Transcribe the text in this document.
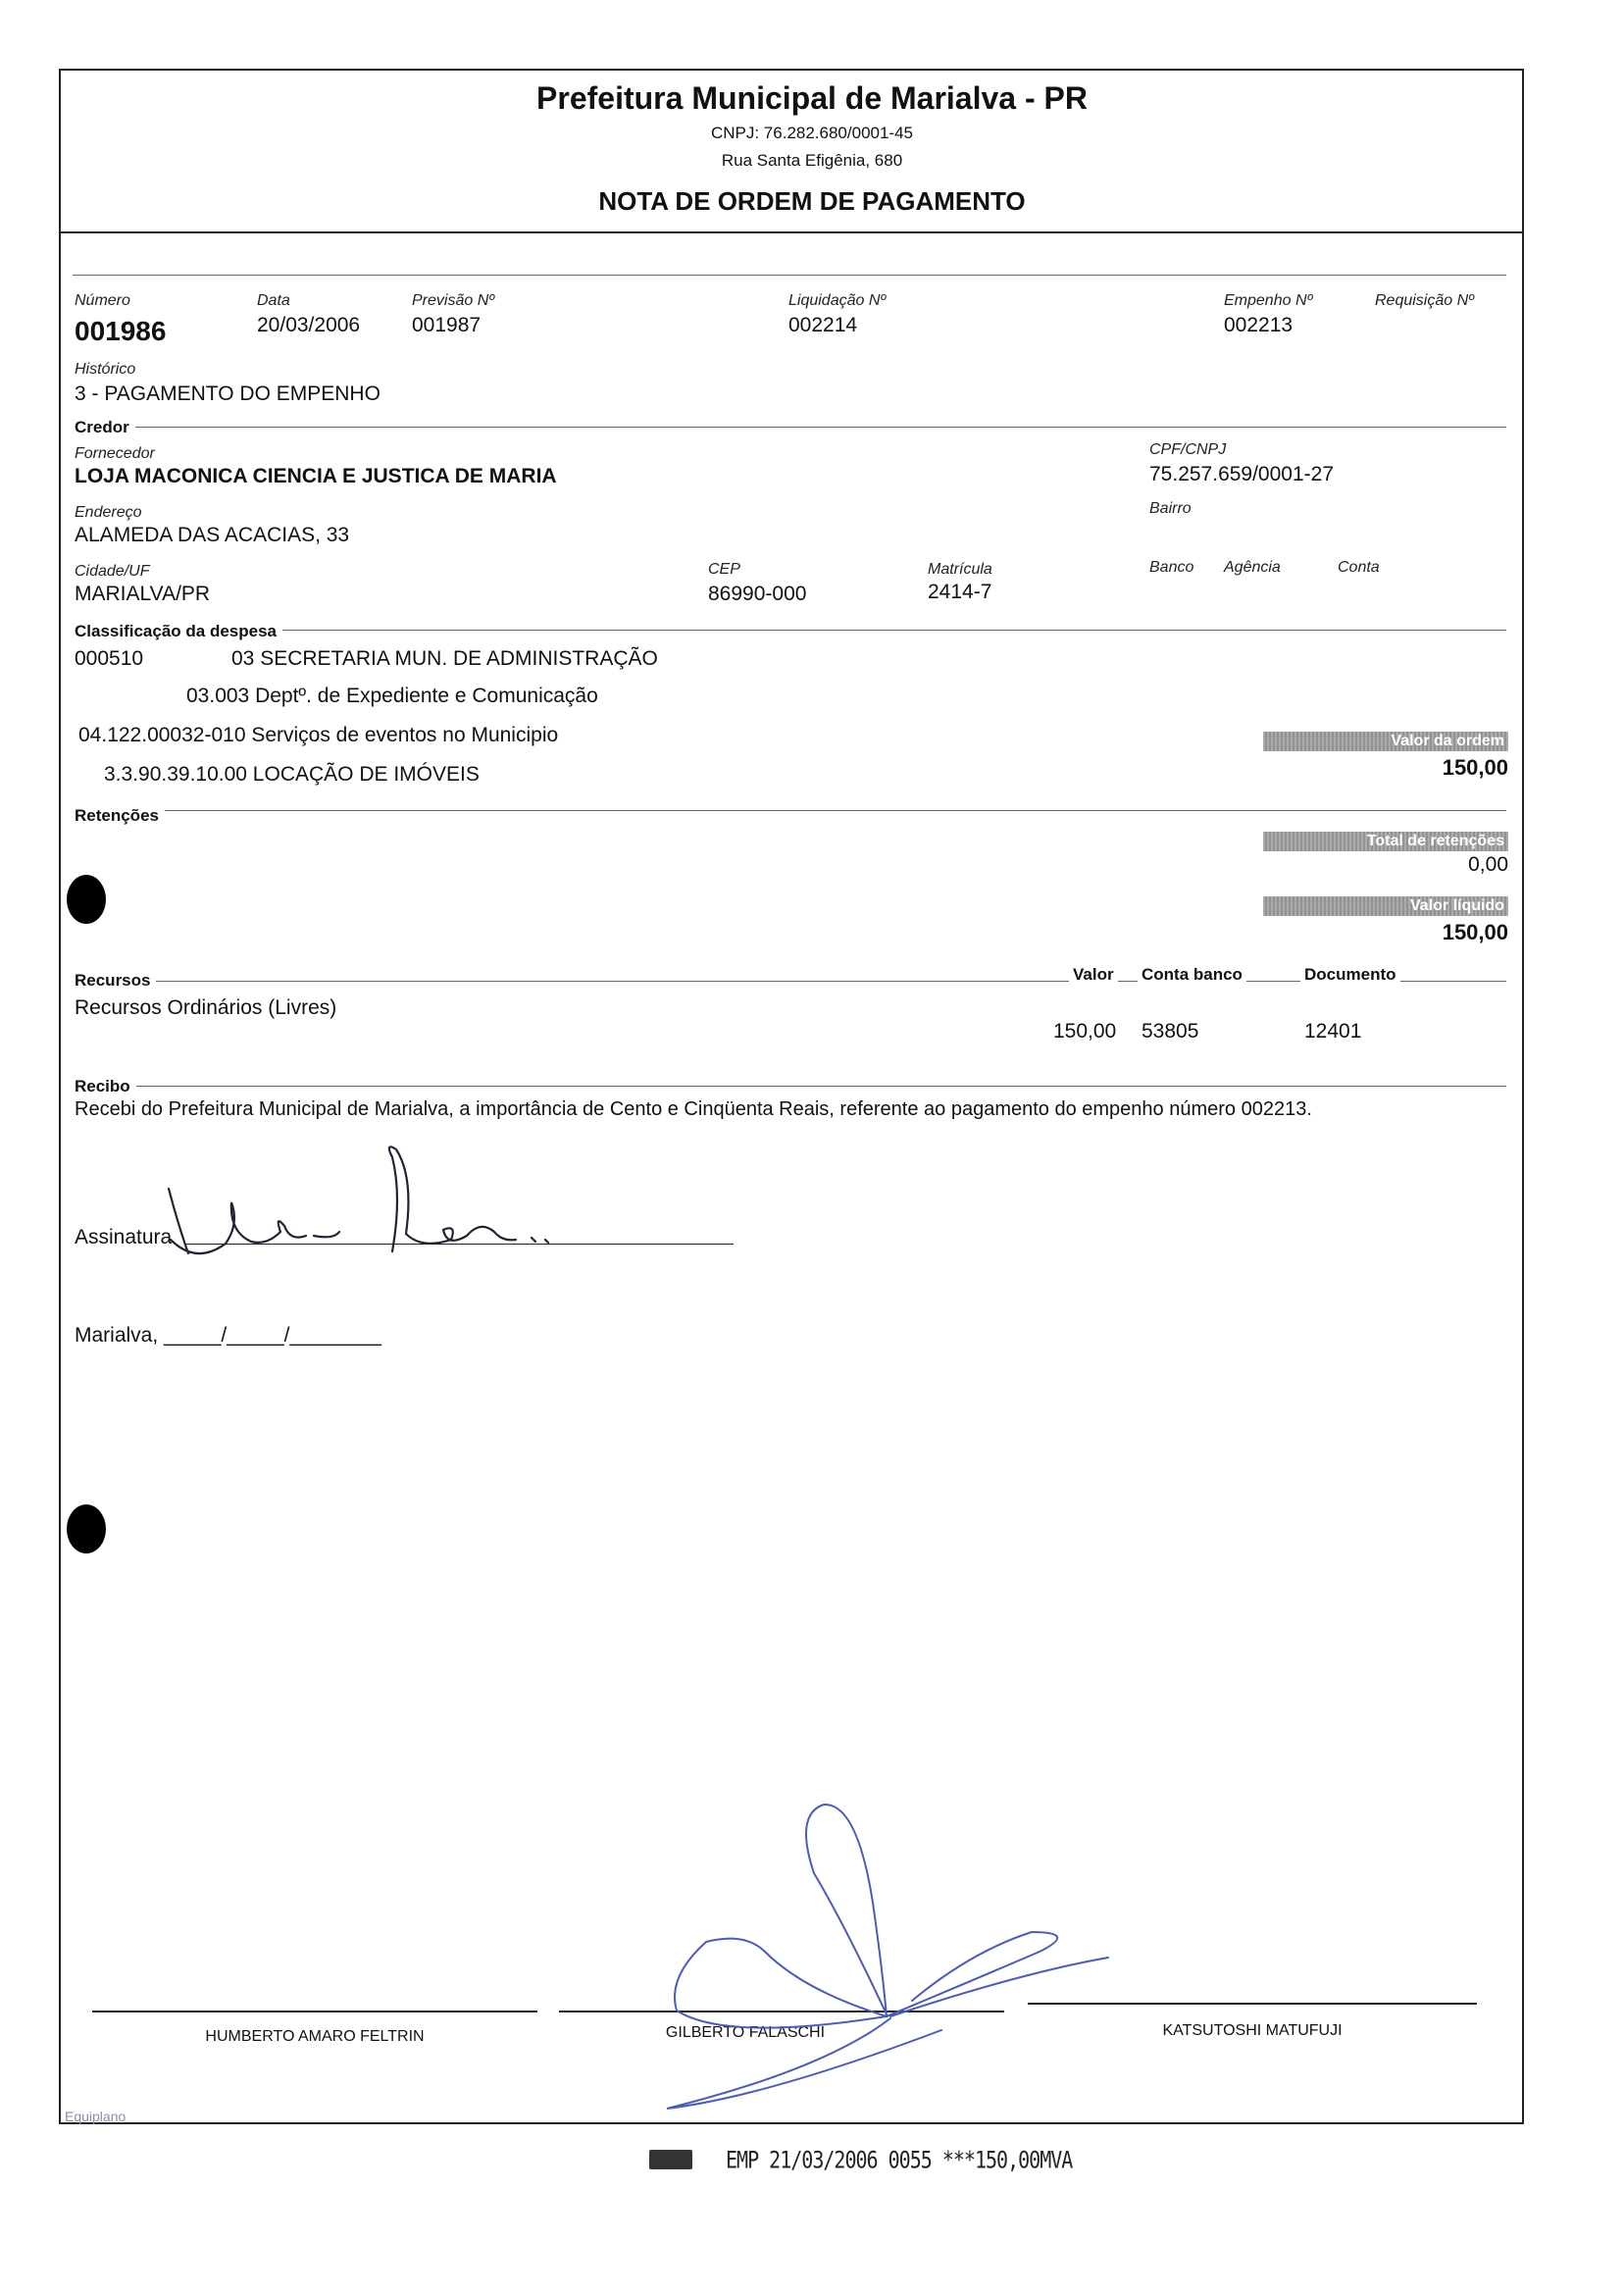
Prefeitura Municipal de Marialva - PR
CNPJ: 76.282.680/0001-45
Rua Santa Efigênia, 680
NOTA DE ORDEM DE PAGAMENTO
Número
001986
Data
20/03/2006
Previsão Nº
001987
Liquidação Nº
002214
Empenho Nº
002213
Requisição Nº
Histórico
3 - PAGAMENTO DO EMPENHO
Credor
Fornecedor
LOJA MACONICA CIENCIA E JUSTICA DE MARIA
CPF/CNPJ
75.257.659/0001-27
Endereço
ALAMEDA DAS ACACIAS, 33
Bairro
Cidade/UF
MARIALVA/PR
CEP
86990-000
Matrícula
2414-7
Banco Agência	Conta
Classificação da despesa
000510	03 SECRETARIA MUN. DE ADMINISTRAÇÃO
03.003 Deptº. de Expediente e Comunicação
04.122.00032-010 Serviços de eventos no Municipio
3.3.90.39.10.00 LOCAÇÃO DE IMÓVEIS
Valor da ordem
150,00
Retenções
Total de retenções
0,00
Valor líquido
150,00
Recursos	Valor Conta banco	Documento
Recursos Ordinários (Livres)
150,00 53805	12401
Recibo
Recebi do Prefeitura Municipal de Marialva, a importância de Cento e Cinqüenta Reais, referente ao pagamento do empenho número 002213.
Assinatura
Marialva, _____/_____/________
HUMBERTO AMARO FELTRIN	GILBERTO FALASCHI	KATSUTOSHI MATUFUJI
Equiplano
EMP 21/03/2006 0055 ***150,00MVA
